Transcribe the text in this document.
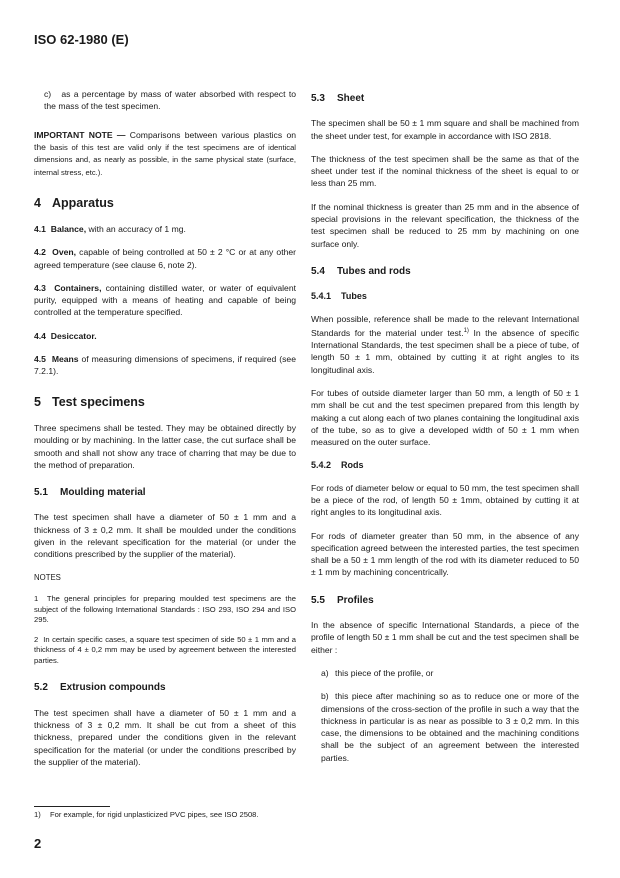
ISO 62-1980 (E)

c) as a percentage by mass of water absorbed with respect to the mass of the test specimen.

IMPORTANT NOTE — Comparisons between various plastics on the basis of this test are valid only if the test specimens are of identical dimensions and, as nearly as possible, in the same physical state (surface, internal stress, etc.).

4 Apparatus

4.1 Balance, with an accuracy of 1 mg.

4.2 Oven, capable of being controlled at 50 ± 2 °C or at any other agreed temperature (see clause 6, note 2).

4.3 Containers, containing distilled water, or water of equivalent purity, equipped with a means of heating and capable of being controlled at the temperature specified.

4.4 Desiccator.

4.5 Means of measuring dimensions of specimens, if required (see 7.2.1).

5 Test specimens

Three specimens shall be tested. They may be obtained directly by moulding or by machining. In the latter case, the cut surface shall be smooth and shall not show any trace of charring that may be due to the method of preparation.

5.1 Moulding material

The test specimen shall have a diameter of 50 ± 1 mm and a thickness of 3 ± 0,2 mm. It shall be moulded under the conditions given in the relevant specification for the material (or under the conditions prescribed by the supplier of the material).

NOTES

1 The general principles for preparing moulded test specimens are the subject of the following International Standards : ISO 293, ISO 294 and ISO 295.

2 In certain specific cases, a square test specimen of side 50 ± 1 mm and a thickness of 4 ± 0,2 mm may be used by agreement between the interested parties.

5.2 Extrusion compounds

The test specimen shall have a diameter of 50 ± 1 mm and a thickness of 3 ± 0,2 mm. It shall be cut from a sheet of this thickness, prepared under the conditions given in the relevant specification for the material (or under the conditions prescribed by the supplier of the material).

5.3 Sheet

The specimen shall be 50 ± 1 mm square and shall be machined from the sheet under test, for example in accordance with ISO 2818.

The thickness of the test specimen shall be the same as that of the sheet under test if the nominal thickness of the sheet is equal to or less than 25 mm.

If the nominal thickness is greater than 25 mm and in the absence of special provisions in the relevant specification, the thickness of the test specimen shall be reduced to 25 mm by machining on one surface only.

5.4 Tubes and rods
5.4.1 Tubes

When possible, reference shall be made to the relevant International Standards for the material under test.$^{1)}$ In the absence of specific International Standards, the test specimen shall be a piece of tube, of length 50 ± 1 mm, obtained by cutting it at right angles to its longitudinal axis.

For tubes of outside diameter larger than 50 mm, a length of 50 ± 1 mm shall be cut and the test specimen prepared from this length by making a cut along each of two planes containing the longitudinal axis of the tube, so as to give a developed width of 50 ± 1 mm when measured on the outer surface.

5.4.2 Rods

For rods of diameter below or equal to 50 mm, the test specimen shall be a piece of the rod, of length 50 ± 1mm, obtained by cutting it at right angles to its longitudinal axis.

For rods of diameter greater than 50 mm, in the absence of any specification agreed between the interested parties, the test specimen shall be a 50 ± 1 mm length of the rod with its diameter reduced to 50 ± 1 mm by machining concentrically.

5.5 Profiles

In the absence of specific International Standards, a piece of the profile of length 50 ± 1 mm shall be cut and the test specimen shall be either :

a) this piece of the profile, or

b) this piece after machining so as to reduce one or more of the dimensions of the cross-section of the profile in such a way that the thickness in particular is as near as possible to 3 ± 0,2 mm. In this case, the dimensions to be obtained and the machining conditions shall be the subject of an agreement between the interested parties.

1) For example, for rigid unplasticized PVC pipes, see ISO 2508.
2
